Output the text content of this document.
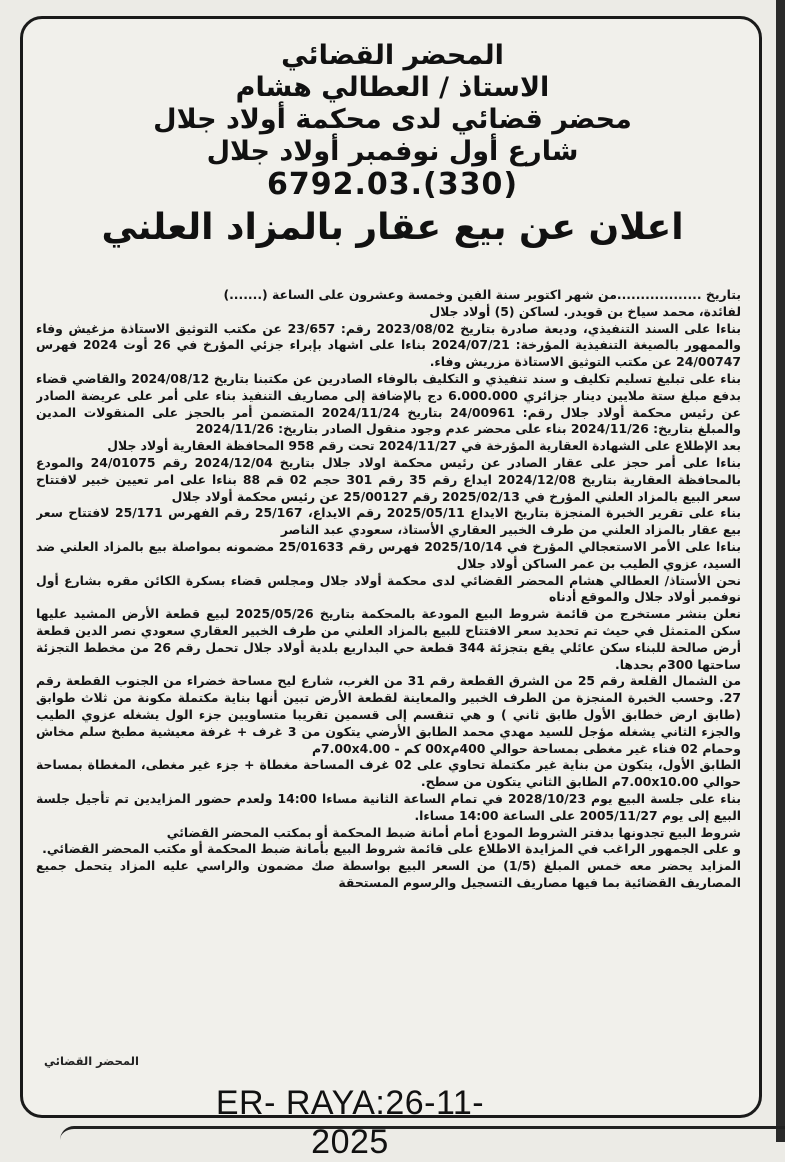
المحضر القضائي
الاستاذ / العطالي هشام
محضر قضائي لدى محكمة أولاد جلال
شارع أول نوفمبر أولاد جلال
6792.03.(330)
اعلان عن بيع عقار بالمزاد العلني

بتاريخ ..................من شهر اكتوبر سنة الفين وخمسة وعشرون على الساعة (.......)

لفائدة، محمد سياخ بن قويدر. لساكن (5) أولاد جلال

بناءا على السند التنفيذي، وديعة صادرة بتاريخ 2023/08/02 رقم: 23/657 عن مكتب التوثيق الاستاذة مزغيش وفاء والممهور بالصيغة التنفيذية المؤرخة: 2024/07/21 بناءا على اشهاد بإبراء جزئي المؤرخ في 26 أوت 2024 فهرس 24/00747 عن مكتب التوثيق الاستاذة مزريش وفاء.

بناء على تبليغ تسليم تكليف و سند تنفيذي و التكليف بالوفاء الصادرين عن مكتبنا بتاريخ 2024/08/12 والقاضي قضاء بدفع مبلغ ستة ملايين دينار جزائري 6.000.000 دج بالإضافة إلى مصاريف التنفيذ بناء على أمر على عريضة الصادر عن رئيس محكمة أولاد جلال رقم: 24/00961 بتاريخ 2024/11/24 المتضمن أمر بالحجز على المنقولات المدين والمبلغ بتاريخ: 2024/11/26 بناء على محضر عدم وجود منقول الصادر بتاريخ: 2024/11/26

بعد الإطلاع على الشهادة العقارية المؤرخة في 2024/11/27 تحت رقم 958 المحافظة العقارية أولاد جلال

بناءا على أمر حجز على عقار الصادر عن رئيس محكمة اولاد جلال بتاريخ 2024/12/04 رقم 24/01075 والمودع بالمحافظة العقارية بتاريخ 2024/12/08 ايداع رقم 35 رقم 301 حجم 02 قم 88 بناءا على امر تعيين خبير لافتتاح سعر البيع بالمزاد العلني المؤرخ في 2025/02/13 رقم 25/00127 عن رئيس محكمة أولاد جلال

بناء على تقرير الخبرة المنجزة بتاريخ الايداع 2025/05/11 رقم الايداع، 25/167 رقم الفهرس 25/171 لافتتاح سعر بيع عقار بالمزاد العلني من طرف الخبير العقاري الأستاذ، سعودي عبد الناصر

بناءا على الأمر الاستعجالي المؤرخ في 2025/10/14 فهرس رقم 25/01633 مضمونه بمواصلة بيع بالمزاد العلني ضد السيد، عزوي الطيب بن عمر الساكن أولاد جلال

نحن الأستاذ/ العطالي هشام المحضر القضائي لدى محكمة أولاد جلال ومجلس قضاء بسكرة الكائن مقره بشارع أول نوفمبر أولاد جلال والموقع أدناه

نعلن بنشر مستخرج من قائمة شروط البيع المودعة بالمحكمة بتاريخ 2025/05/26 لبيع قطعة الأرض المشيد عليها سكن المتمثل في حيث تم تحديد سعر الافتتاح للبيع بالمزاد العلني من طرف الخبير العقاري سعودي نصر الدين قطعة أرض صالحة للبناء سكن عائلي يقع بتجزئة 344 قطعة حي البداريع بلدية أولاد جلال تحمل رقم 26 من مخطط التجزئة ساحتها 300م بحدها.

من الشمال القلعة رقم 25 من الشرق القطعة رقم 31 من الغرب، شارع ليح مساحة خضراء من الجنوب القطعة رقم 27. وحسب الخبرة المنجزة من الطرف الخبير والمعاينة لقطعة الأرض تبين أنها بناية مكتملة مكونة من ثلاث طوابق (طابق ارض خطابق الأول طابق ثاني ) و هي تنقسم إلى قسمين تقريبا متساويين جزء الول يشغله عزوي الطيب والجزء الثاني يشغله مؤجل للسيد مهدي محمد الطابق الأرضي يتكون من 3 غرف + غرفة معيشية مطبخ سلم مخاش وحمام 02 فناء غير مغطى بمساحة حوالي 400م00x كم - 7.00x4.00م

الطابق الأول، يتكون من بناية غير مكتملة تحاوي على 02 غرف المساحة مغطاة + جزء غير مغطى، المغطاة بمساحة حوالي 7.00x10.00م الطابق الثاني يتكون من سطح.

بناء على جلسة البيع يوم 2028/10/23 في تمام الساعة الثانية مساءا 14:00 ولعدم حضور المزايدين تم تأجيل جلسة البيع إلى يوم 2005/11/27 على الساعة 14:00 مساءا.

شروط البيع تجدونها بدفتر الشروط المودع أمام أمانة ضبط المحكمة أو بمكتب المحضر القضائي

و على الجمهور الراغب في المزايدة الاطلاع على قائمة شروط البيع بأمانة ضبط المحكمة أو مكتب المحضر القضائي.

المزايد يحضر معه خمس المبلغ (1/5) من السعر البيع بواسطة صك مضمون والراسي عليه المزاد يتحمل جميع المصاريف القضائية بما فيها مصاريف التسجيل والرسوم المستحقة

المحضر القضائي
ER- RAYA:26-11-2025
